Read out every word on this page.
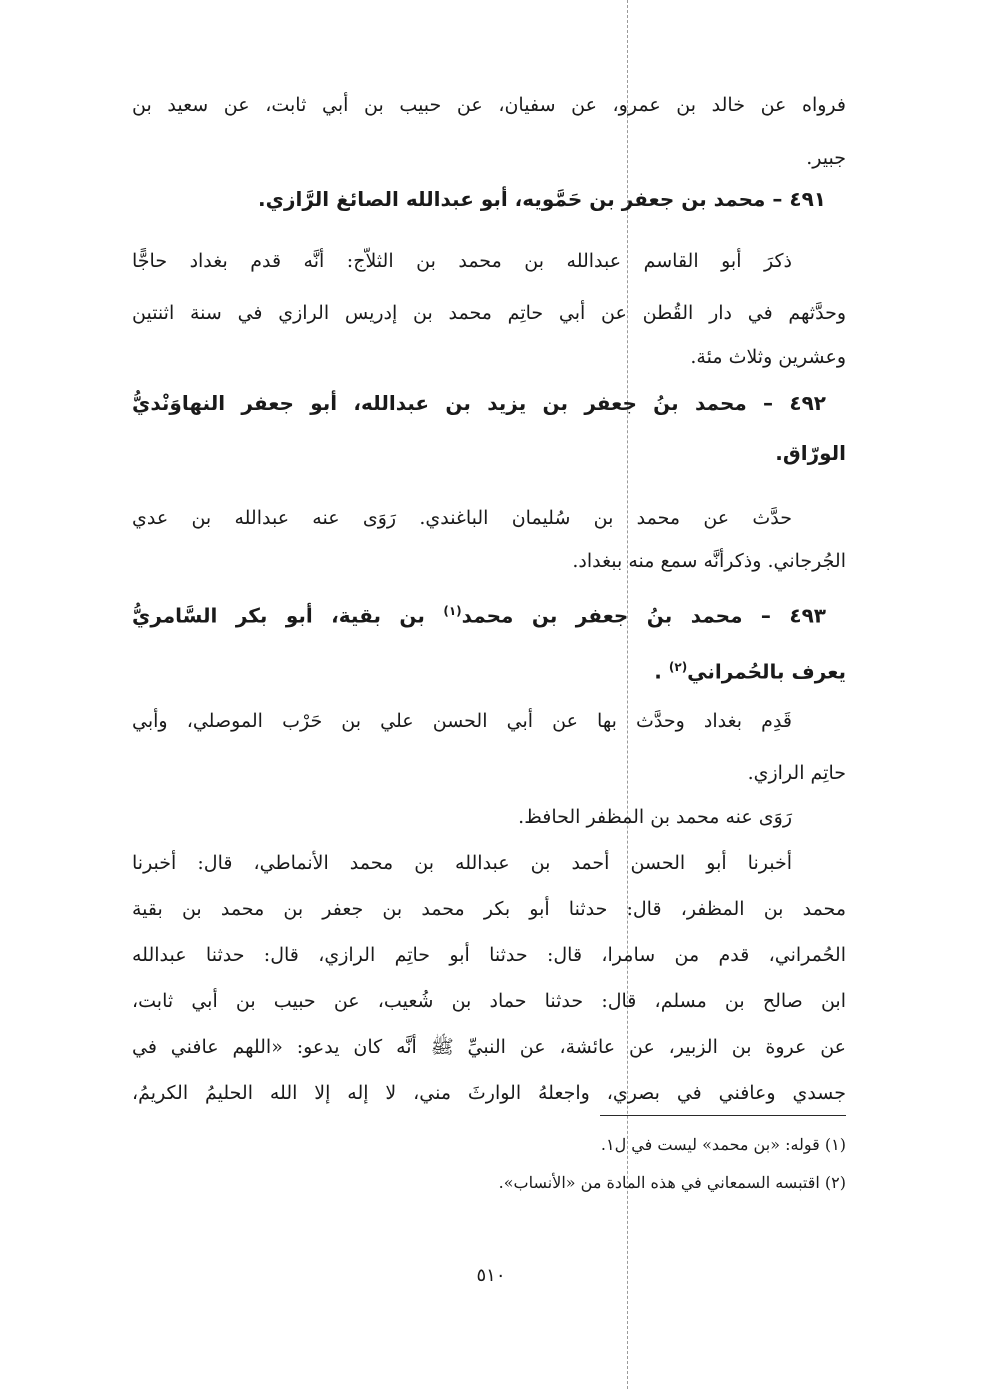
فرواه عن خالد بن عمرو، عن سفيان، عن حبيب بن أبي ثابت، عن سعيد بن
جبير.
٤٩١ – محمد بن جعفر بن حَمَّويه، أبو عبدالله الصائغ الرَّازي.
ذكرَ أبو القاسم عبدالله بن محمد بن الثلاّج: أنَّه قدم بغداد حاجًّا
وحدَّثهم في دار القُطن عن أبي حاتِم محمد بن إدريس الرازي في سنة اثنتين
وعشرين وثلاث مئة.
٤٩٢ – محمد بنُ جعفر بن يزيد بن عبدالله، أبو جعفر النهاوَنْديُّ
الورّاق.
حدَّث عن محمد بن سُليمان الباغندي. رَوَى عنه عبدالله بن عدي
الجُرجاني. وذكرأنَّه سمع منه ببغداد.
٤٩٣ – محمد بنُ جعفر بن محمد$^{(١)}$ بن بقية، أبو بكر السَّامريُّ
يعرف بالحُمراني$^{(٢)}$ .
قَدِم بغداد وحدَّث بها عن أبي الحسن علي بن حَرْب الموصلي، وأبي
حاتِم الرازي.
رَوَى عنه محمد بن المظفر الحافظ.
أخبرنا أبو الحسن أحمد بن عبدالله بن محمد الأنماطي، قال: أخبرنا
محمد بن المظفر، قال: حدثنا أبو بكر محمد بن جعفر بن محمد بن بقية
الحُمراني، قدم من سامرا، قال: حدثنا أبو حاتِم الرازي، قال: حدثنا عبدالله
ابن صالح بن مسلم، قال: حدثنا حماد بن شُعيب، عن حبيب بن أبي ثابت،
عن عروة بن الزبير، عن عائشة، عن النبيِّ ﷺ أنَّه كان يدعو: «اللهم عافني في
جسدي وعافني في بصري، واجعلهُ الوارثَ مني، لا إله إلا الله الحليمُ الكريمُ،
(١) قوله: «بن محمد» ليست في ل١.
(٢) اقتبسه السمعاني في هذه المادة من «الأنساب».
٥١٠
